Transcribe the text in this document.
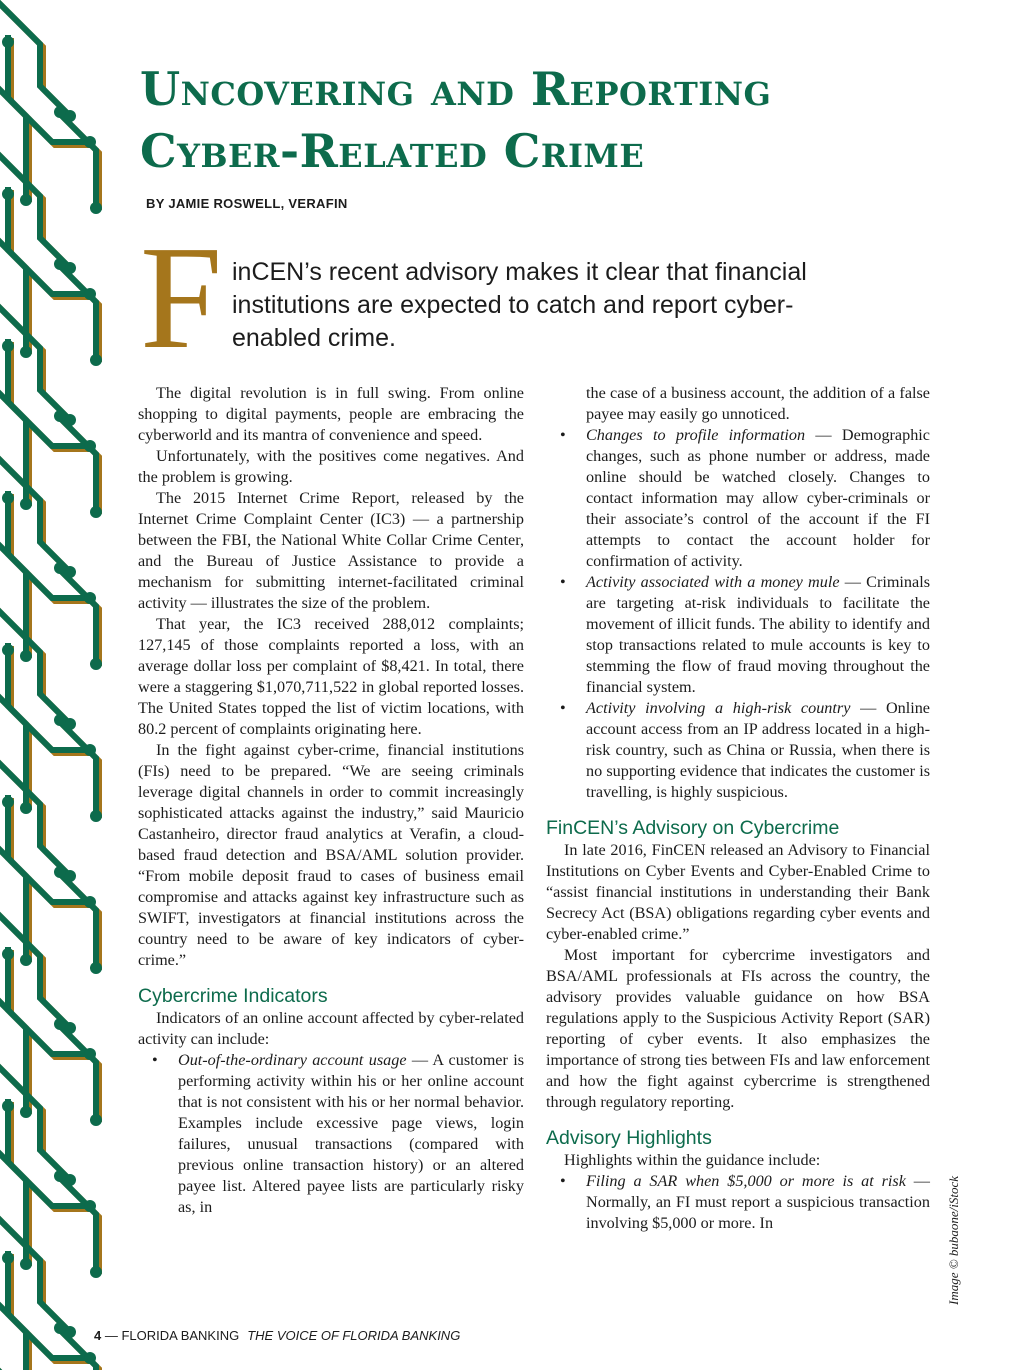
Uncovering and Reporting
Cyber-Related Crime
BY JAMIE ROSWELL, VERAFIN
F inCEN’s recent advisory makes it clear that financial institutions are expected to catch and report cyber-enabled crime.

The digital revolution is in full swing. From online shopping to digital payments, people are embracing the cyberworld and its mantra of convenience and speed.

Unfortunately, with the positives come negatives. And the problem is growing.

The 2015 Internet Crime Report, released by the Internet Crime Complaint Center (IC3) — a partnership between the FBI, the National White Collar Crime Center, and the Bureau of Justice Assistance to provide a mechanism for submitting internet-facilitated criminal activity — illustrates the size of the problem.

That year, the IC3 received 288,012 complaints; 127,145 of those complaints reported a loss, with an average dollar loss per complaint of $8,421. In total, there were a staggering $1,070,711,522 in global reported losses. The United States topped the list of victim locations, with 80.2 percent of complaints originating here.

In the fight against cyber-crime, financial institutions (FIs) need to be prepared. “We are seeing criminals leverage digital channels in order to commit increasingly sophisticated attacks against the industry,” said Mauricio Castanheiro, director fraud analytics at Verafin, a cloud-based fraud detection and BSA/AML solution provider. “From mobile deposit fraud to cases of business email compromise and attacks against key infrastructure such as SWIFT, investigators at financial institutions across the country need to be aware of key indicators of cyber-crime.”

Cybercrime Indicators

Indicators of an online account affected by cyber-related activity can include:

• Out-of-the-ordinary account usage — A customer is performing activity within his or her online account that is not consistent with his or her normal behavior. Examples include excessive page views, login failures, unusual transactions (compared with previous online transaction history) or an altered payee list. Altered payee lists are particularly risky as, in
the case of a business account, the addition of a false payee may easily go unnoticed.
• Changes to profile information — Demographic changes, such as phone number or address, made online should be watched closely. Changes to contact information may allow cyber-criminals or their associate’s control of the account if the FI attempts to contact the account holder for confirmation of activity.
• Activity associated with a money mule — Criminals are targeting at-risk individuals to facilitate the movement of illicit funds. The ability to identify and stop transactions related to mule accounts is key to stemming the flow of fraud moving throughout the financial system.
• Activity involving a high-risk country — Online account access from an IP address located in a high-risk country, such as China or Russia, when there is no supporting evidence that indicates the customer is travelling, is highly suspicious.
FinCEN’s Advisory on Cybercrime

In late 2016, FinCEN released an Advisory to Financial Institutions on Cyber Events and Cyber-Enabled Crime to “assist financial institutions in understanding their Bank Secrecy Act (BSA) obligations regarding cyber events and cyber-enabled crime.”

Most important for cybercrime investigators and BSA/AML professionals at FIs across the country, the advisory provides valuable guidance on how BSA regulations apply to the Suspicious Activity Report (SAR) reporting of cyber events. It also emphasizes the importance of strong ties between FIs and law enforcement and how the fight against cybercrime is strengthened through regulatory reporting.

Advisory Highlights

Highlights within the guidance include:

• Filing a SAR when $5,000 or more is at risk — Normally, an FI must report a suspicious transaction involving $5,000 or more. In	Image © bubaone/iStock
4 — FLORIDA BANKING THE VOICE OF FLORIDA BANKING
